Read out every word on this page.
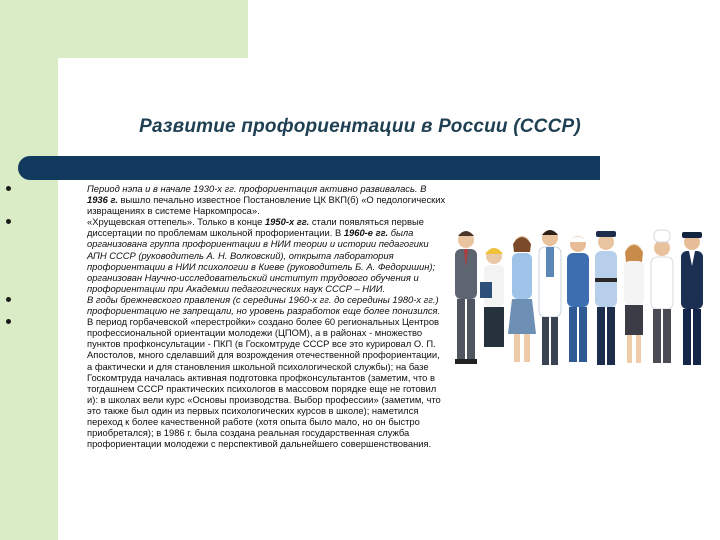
Развитие профориентации в России (СССР)
Период нэпа и в начале 1930-х гг. профориентация активно развивалась. В 1936 г. вышло печально известное Постановление ЦК ВКП(б) «О педологических извращениях в системе Наркомпроса».
«Хрущевская оттепель». Только в конце 1950-х гг. стали появляться первые диссертации по проблемам школьной профориентации. В 1960-е гг. была организована группа профориентации в НИИ теории и истории педагогики АПН СССР (руководитель А. Н. Волковский), открыта лаборатория профориентации в НИИ психологии в Киеве (руководитель Б. А. Федоришин); организован Научно-исследовательский институт трудового обучения и профориентации при Академии педагогических наук СССР – НИИ.
В годы брежневского правления (с середины 1960-х гг. до середины 1980-х гг.) профориентацию не запрещали, но уровень разработок еще более понизился.
В период горбачевской «перестройки» создано более 60 региональных Центров профессиональной ориентации молодежи (ЦПОМ), а в районах - множество пунктов профконсультации - ПКП (в Госкомтруде СССР все это курировал О. П. Апостолов, много сделавший для возрождения отечественной профориентации, а фактически и для становления школьной психологической службы); на базе Госкомтруда началась активная подготовка профконсультантов (заметим, что в тогдашнем СССР практических психологов в массовом порядке еще не готовил и): в школах вели курс «Основы производства. Выбор профессии» (заметим, что это также был один из первых психологических курсов в школе); наметился переход к более качественной работе (хотя опыта было мало, но он быстро приобретался); в 1986 г. была создана реальная государственная служба профориентации молодежи с перспективой дальнейшего совершенствования.
